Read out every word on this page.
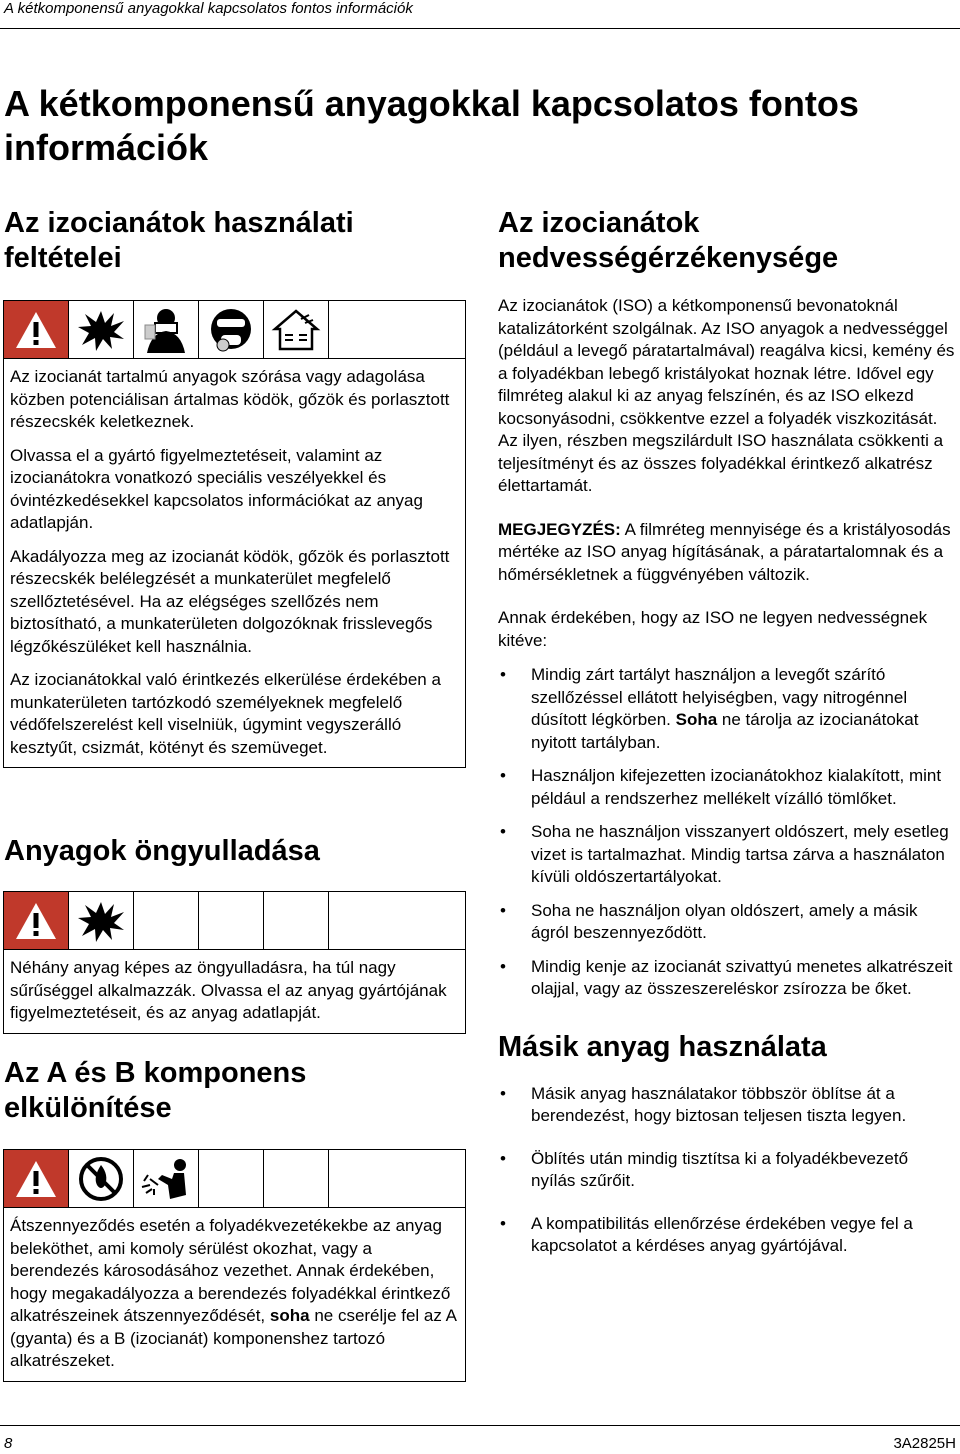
A kétkomponensű anyagokkal kapcsolatos fontos információk
A kétkomponensű anyagokkal kapcsolatos fontos információk
Az izocianátok használati feltételei

Az izocianát tartalmú anyagok szórása vagy adagolása közben potenciálisan ártalmas ködök, gőzök és porlasztott részecskék keletkeznek.

Olvassa el a gyártó figyelmeztetéseit, valamint az izocianátokra vonatkozó speciális veszélyekkel és óvintézkedésekkel kapcsolatos információkat az anyag adatlapján.

Akadályozza meg az izocianát ködök, gőzök és porlasztott részecskék belélegzését a munkaterület megfelelő szellőztetésével. Ha az elégséges szellőzés nem biztosítható, a munkaterületen dolgozóknak frisslevegős légzőkészüléket kell használnia.

Az izocianátokkal való érintkezés elkerülése érdekében a munkaterületen tartózkodó személyeknek megfelelő védőfelszerelést kell viselniük, úgymint vegyszerálló kesztyűt, csizmát, kötényt és szemüveget.

Anyagok öngyulladása

Néhány anyag képes az öngyulladásra, ha túl nagy sűrűséggel alkalmazzák. Olvassa el az anyag gyártójának figyelmeztetéseit, és az anyag adatlapját.

Az A és B komponens elkülönítése

Átszennyeződés esetén a folyadékvezetékekbe az anyag beleköthet, ami komoly sérülést okozhat, vagy a berendezés károsodásához vezethet. Annak érdekében, hogy megakadályozza a berendezés folyadékkal érintkező alkatrészeinek átszennyeződését, soha ne cserélje fel az A (gyanta) és a B (izocianát) komponenshez tartozó alkatrészeket.

Az izocianátok nedvességérzékenysége

Az izocianátok (ISO) a kétkomponensű bevonatoknál katalizátorként szolgálnak. Az ISO anyagok a nedvességgel (például a levegő páratartalmával) reagálva kicsi, kemény és a folyadékban lebegő kristályokat hoznak létre. Idővel egy filmréteg alakul ki az anyag felszínén, és az ISO elkezd kocsonyásodni, csökkentve ezzel a folyadék viszkozitását. Az ilyen, részben megszilárdult ISO használata csökkenti a teljesítményt és az összes folyadékkal érintkező alkatrész élettartamát.

MEGJEGYZÉS: A filmréteg mennyisége és a kristályosodás mértéke az ISO anyag hígításának, a páratartalomnak és a hőmérsékletnek a függvényében változik.

Annak érdekében, hogy az ISO ne legyen nedvességnek kitéve:

• Mindig zárt tartályt használjon a levegőt szárító szellőzéssel ellátott helyiségben, vagy nitrogénnel dúsított légkörben. Soha ne tárolja az izocianátokat nyitott tartályban.
• Használjon kifejezetten izocianátokhoz kialakított, mint például a rendszerhez mellékelt vízálló tömlőket.
• Soha ne használjon visszanyert oldószert, mely esetleg vizet is tartalmazhat. Mindig tartsa zárva a használaton kívüli oldószertartályokat.
• Soha ne használjon olyan oldószert, amely a másik ágról beszennyeződött.
• Mindig kenje az izocianát szivattyú menetes alkatrészeit olajjal, vagy az összeszereléskor zsírozza be őket.
Másik anyag használata
• Másik anyag használatakor többször öblítse át a berendezést, hogy biztosan teljesen tiszta legyen.
• Öblítés után mindig tisztítsa ki a folyadékbevezető nyílás szűrőit.
• A kompatibilitás ellenőrzése érdekében vegye fel a kapcsolatot a kérdéses anyag gyártójával.
8	3A2825H
